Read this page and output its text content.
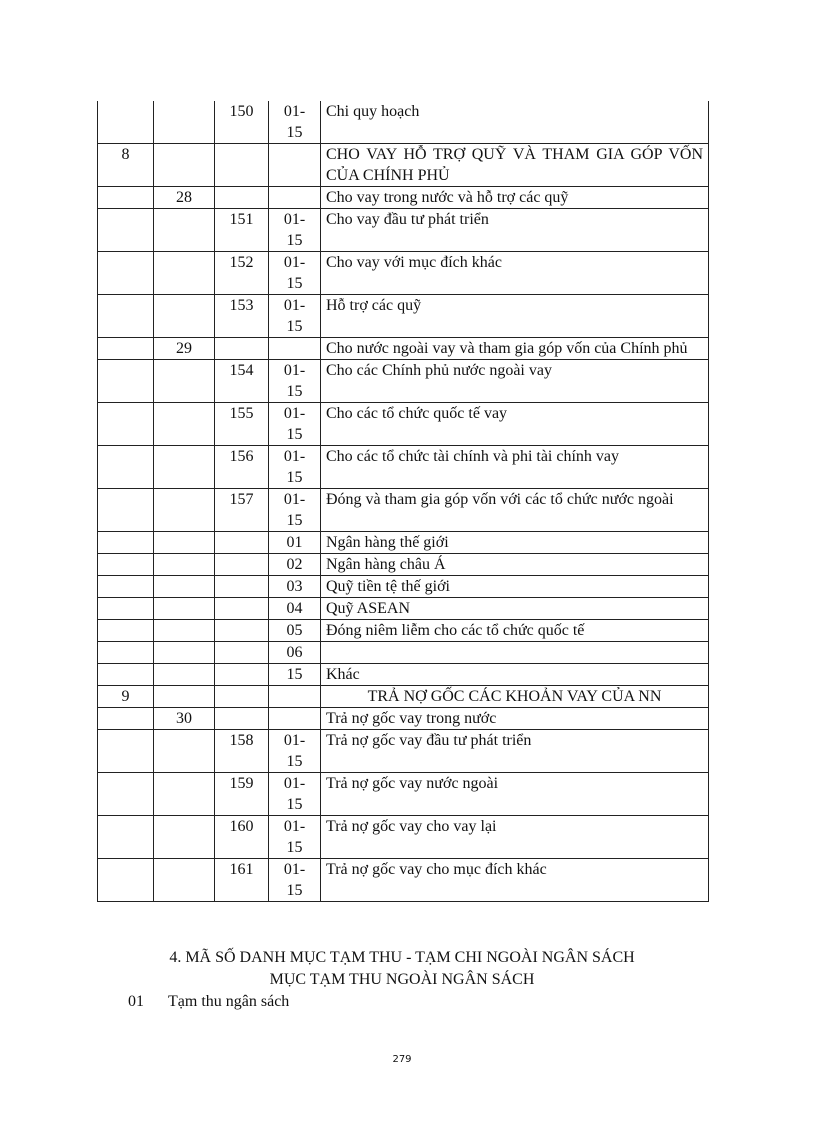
		150	01-
15	Chi quy hoạch
8				CHO VAY HỖ TRỢ QUỸ VÀ THAM GIA GÓP VỐN CỦA CHÍNH PHỦ
	28			Cho vay trong nước và hỗ trợ các quỹ
		151	01-
15	Cho vay đầu tư phát triển
		152	01-
15	Cho vay với mục đích khác
		153	01-
15	Hỗ trợ các quỹ
	29			Cho nước ngoài vay và tham gia góp vốn của Chính phủ
		154	01-
15	Cho các Chính phủ nước ngoài vay
		155	01-
15	Cho các tổ chức quốc tế vay
		156	01-
15	Cho các tổ chức tài chính và phi tài chính vay
		157	01-
15	Đóng và tham gia góp vốn với các tổ chức nước ngoài
			01	Ngân hàng thế giới
			02	Ngân hàng châu Á
			03	Quỹ tiền tệ thế giới
			04	Quỹ ASEAN
			05	Đóng niêm liễm cho các tổ chức quốc tế
			06	
			15	Khác
9				TRẢ NỢ GỐC CÁC KHOẢN VAY CỦA NN
	30			Trả nợ gốc vay trong nước
		158	01-
15	Trả nợ gốc vay đầu tư phát triển
		159	01-
15	Trả nợ gốc vay nước ngoài
		160	01-
15	Trả nợ gốc vay cho vay lại
		161	01-
15	Trả nợ gốc vay cho mục đích khác
4. MÃ SỐ DANH MỤC TẠM THU - TẠM CHI NGOÀI NGÂN SÁCH
MỤC TẠM THU NGOÀI NGÂN SÁCH
01 Tạm thu ngân sách
279
